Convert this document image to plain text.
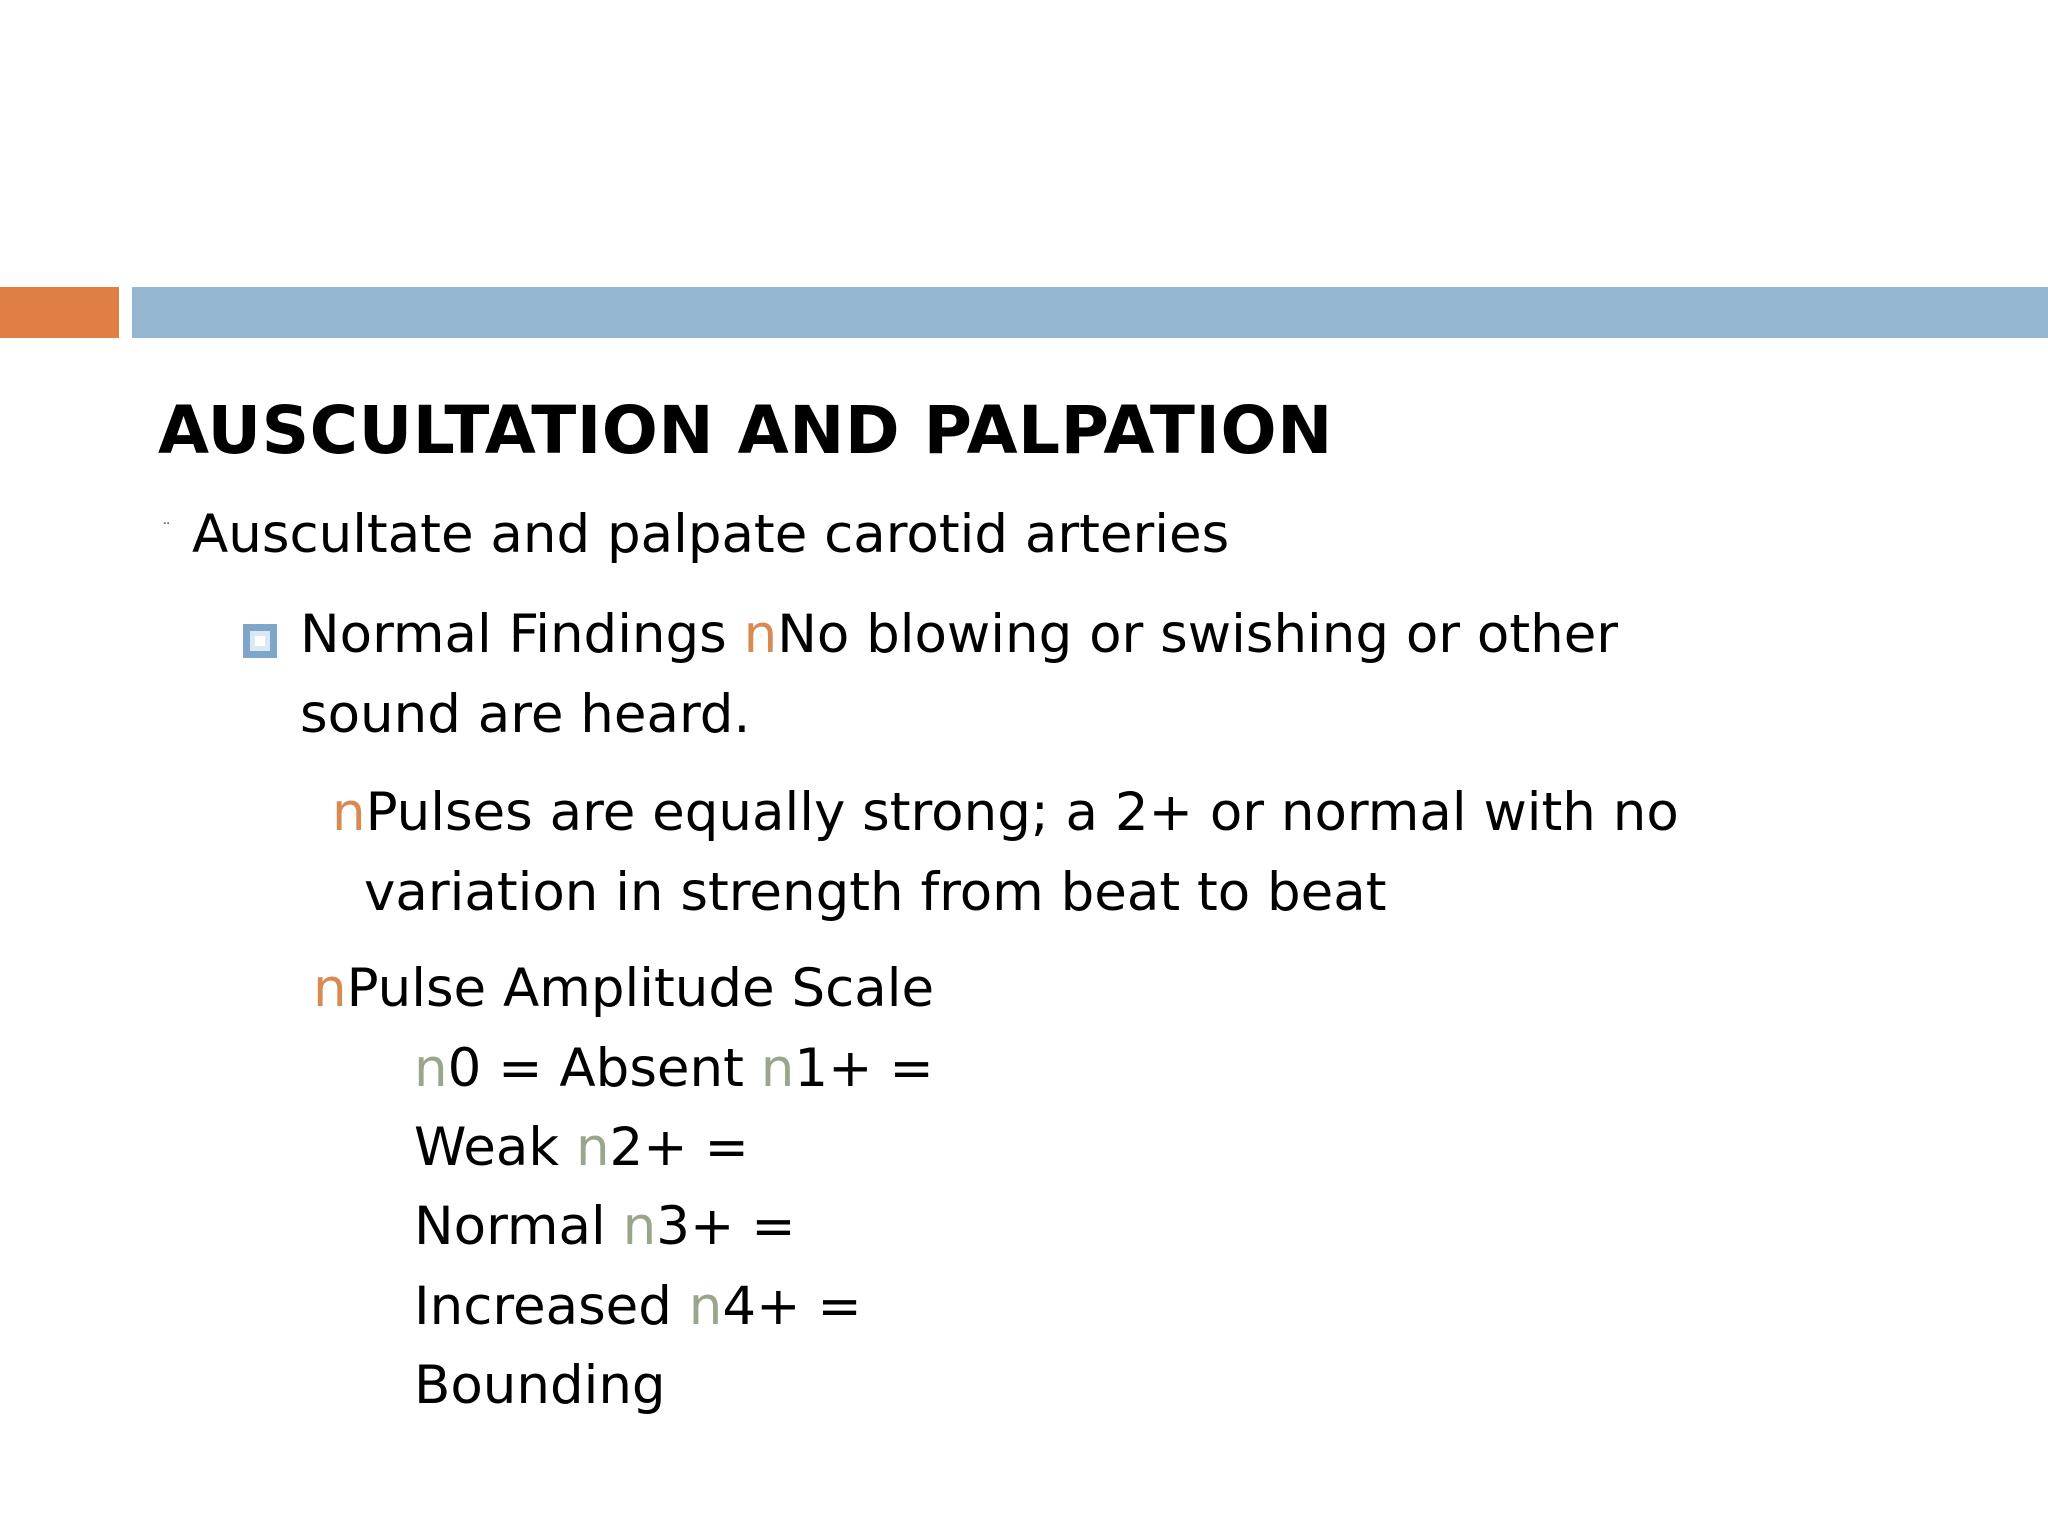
AUSCULTATION AND PALPATION
¨ Auscultate and palpate carotid arteries
Normal Findings nNo blowing or swishing or other
sound are heard.
nPulses are equally strong; a 2+ or normal with no
variation in strength from beat to beat
nPulse Amplitude Scale
n0 = Absent n1+ =
Weak n2+ =
Normal n3+ =
Increased n4+ =
Bounding
